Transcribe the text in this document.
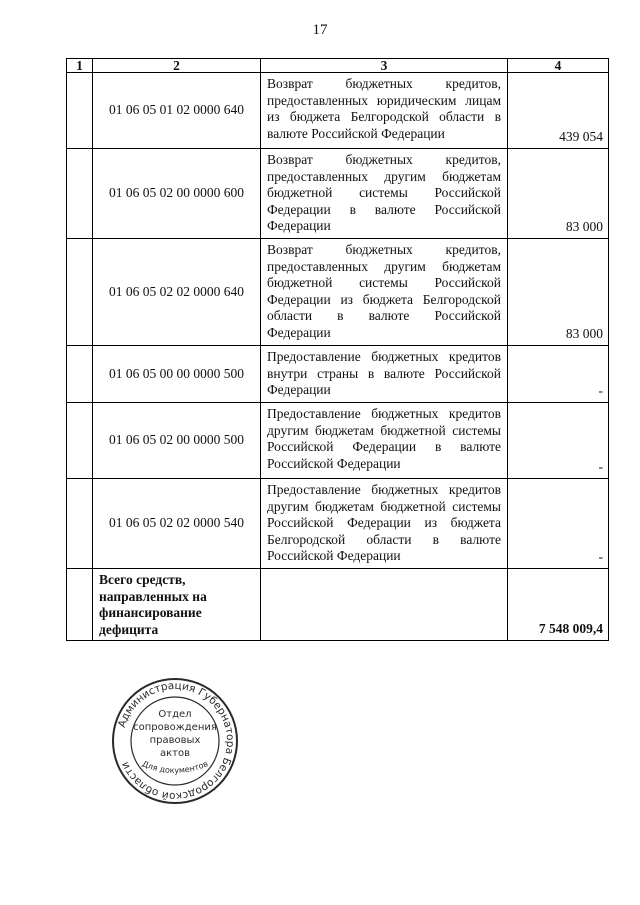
17
1	2	3	4
	01 06 05 01 02 0000 640	Возврат бюджетных кредитов, предоставленных юридическим лицам из бюджета Белгородской области в валюте Российской Федерации	439 054
	01 06 05 02 00 0000 600	Возврат бюджетных кредитов, предоставленных другим бюджетам бюджетной системы Российской Федерации в валюте Российской Федерации	83 000
	01 06 05 02 02 0000 640	Возврат бюджетных кредитов, предоставленных другим бюджетам бюджетной системы Российской Федерации из бюджета Белгородской области в валюте Российской Федерации	83 000
	01 06 05 00 00 0000 500	Предоставление бюджетных кредитов внутри страны в валюте Российской Федерации	-
	01 06 05 02 00 0000 500	Предоставление бюджетных кредитов другим бюджетам бюджетной системы Российской Федерации в валюте Российской Федерации	-
	01 06 05 02 02 0000 540	Предоставление бюджетных кредитов другим бюджетам бюджетной системы Российской Федерации из бюджета Белгородской области в валюте Российской Федерации	-
	Всего средств, направленных на финансирование дефицита		7 548 009,4
Администрация Губернатора Белгородской области
Отдел
сопровождения
правовых
актов
Для документов
